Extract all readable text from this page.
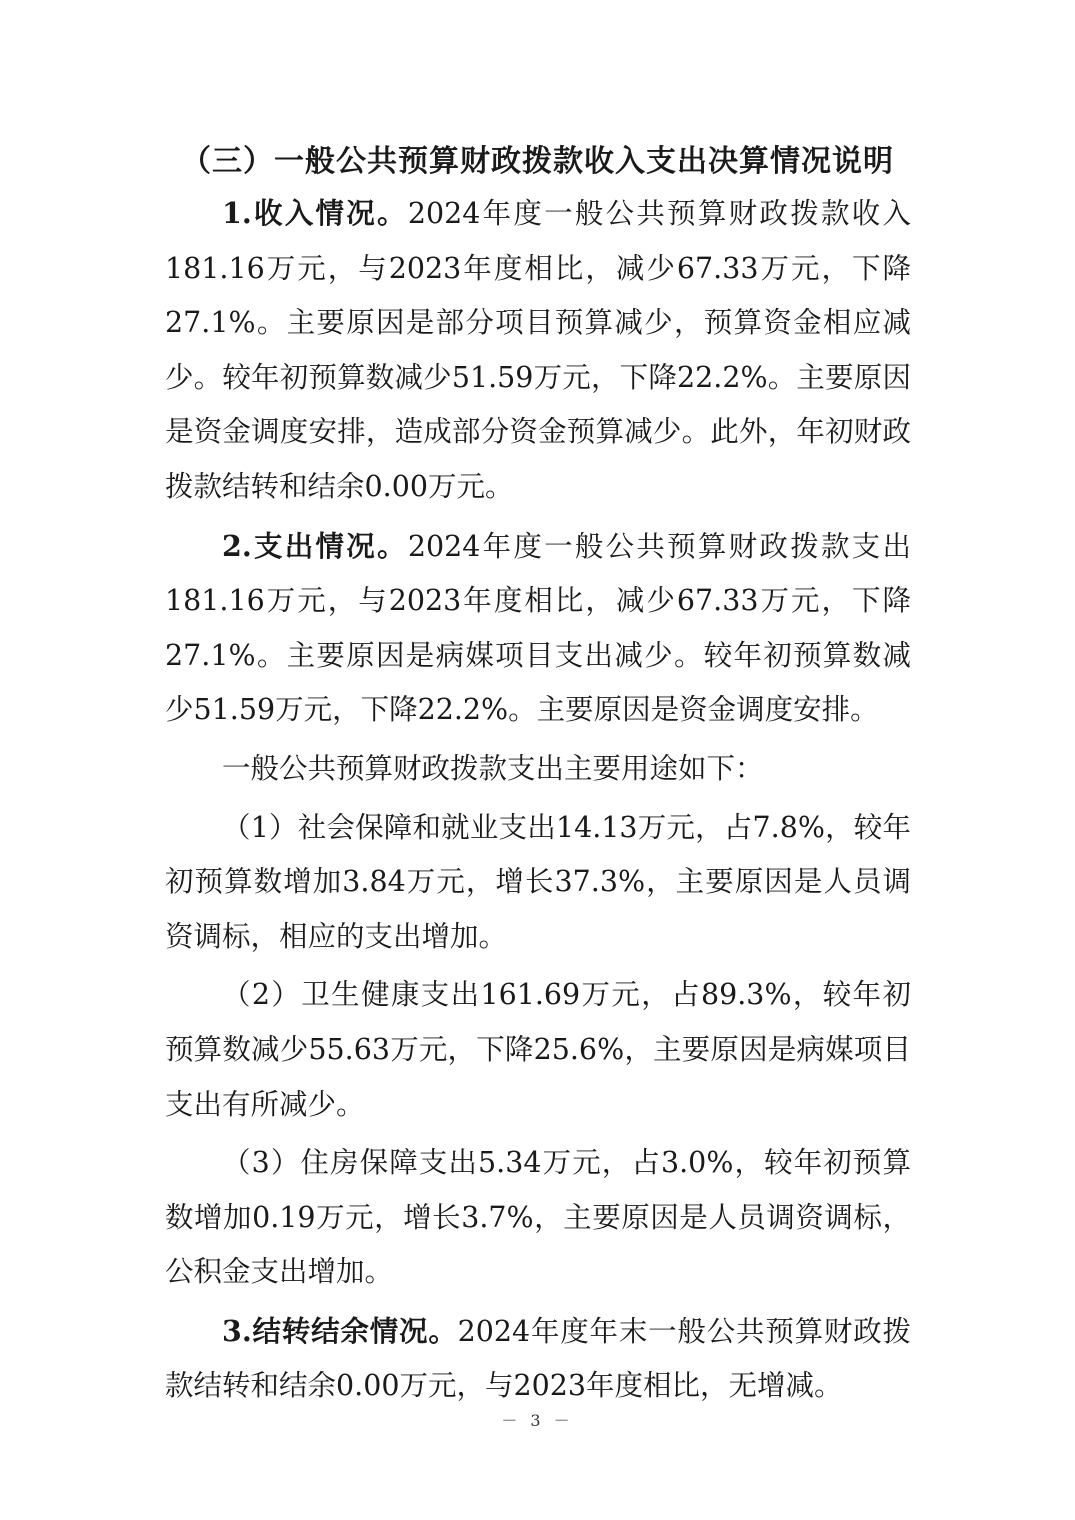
（三）一般公共预算财政拨款收入支出决算情况说明

1.收入情况。2024年度一般公共预算财政拨款收入181.16万元，与2023年度相比，减少67.33万元，下降27.1%。主要原因是部分项目预算减少，预算资金相应减少。较年初预算数减少51.59万元，下降22.2%。主要原因是资金调度安排，造成部分资金预算减少。此外，年初财政拨款结转和结余0.00万元。

2.支出情况。2024年度一般公共预算财政拨款支出181.16万元，与2023年度相比，减少67.33万元，下降27.1%。主要原因是病媒项目支出减少。较年初预算数减少51.59万元，下降22.2%。主要原因是资金调度安排。

一般公共预算财政拨款支出主要用途如下：

（1）社会保障和就业支出14.13万元，占7.8%，较年初预算数增加3.84万元，增长37.3%，主要原因是人员调资调标，相应的支出增加。

（2）卫生健康支出161.69万元，占89.3%，较年初预算数减少55.63万元，下降25.6%，主要原因是病媒项目支出有所减少。

（3）住房保障支出5.34万元，占3.0%，较年初预算数增加0.19万元，增长3.7%，主要原因是人员调资调标，公积金支出增加。

3.结转结余情况。2024年度年末一般公共预算财政拨款结转和结余0.00万元，与2023年度相比，无增减。

－ 3 －
